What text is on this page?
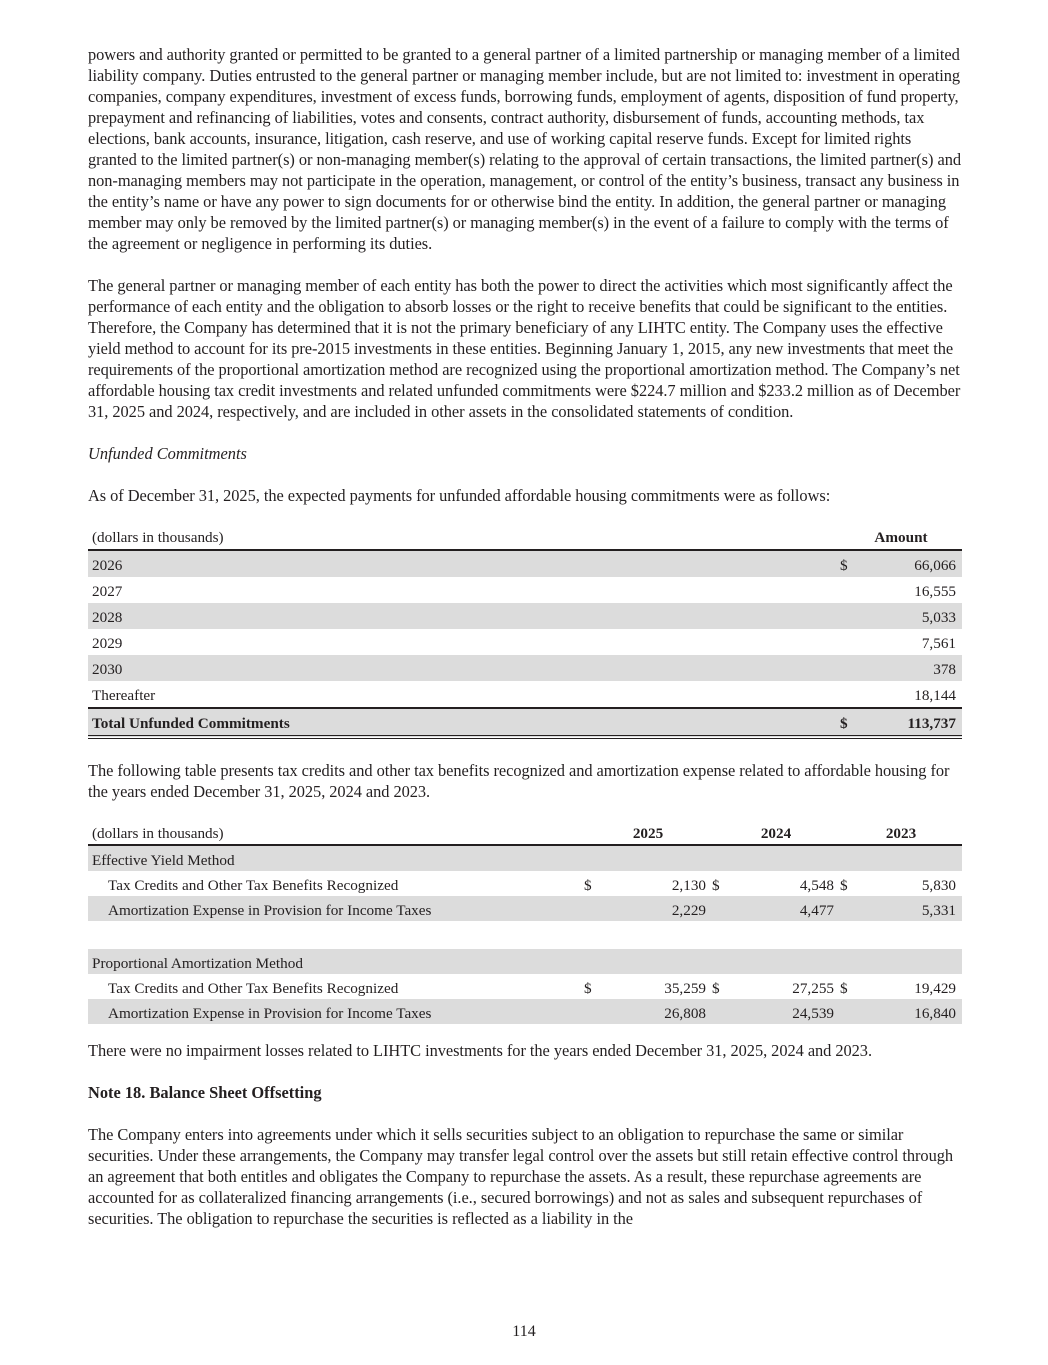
powers and authority granted or permitted to be granted to a general partner of a limited partnership or managing member of a limited liability company. Duties entrusted to the general partner or managing member include, but are not limited to: investment in operating companies, company expenditures, investment of excess funds, borrowing funds, employment of agents, disposition of fund property, prepayment and refinancing of liabilities, votes and consents, contract authority, disbursement of funds, accounting methods, tax elections, bank accounts, insurance, litigation, cash reserve, and use of working capital reserve funds. Except for limited rights granted to the limited partner(s) or non-managing member(s) relating to the approval of certain transactions, the limited partner(s) and non-managing members may not participate in the operation, management, or control of the entity’s business, transact any business in the entity’s name or have any power to sign documents for or otherwise bind the entity. In addition, the general partner or managing member may only be removed by the limited partner(s) or managing member(s) in the event of a failure to comply with the terms of the agreement or negligence in performing its duties.

The general partner or managing member of each entity has both the power to direct the activities which most significantly affect the performance of each entity and the obligation to absorb losses or the right to receive benefits that could be significant to the entities. Therefore, the Company has determined that it is not the primary beneficiary of any LIHTC entity. The Company uses the effective yield method to account for its pre-2015 investments in these entities. Beginning January 1, 2015, any new investments that meet the requirements of the proportional amortization method are recognized using the proportional amortization method. The Company’s net affordable housing tax credit investments and related unfunded commitments were $224.7 million and $233.2 million as of December 31, 2025 and 2024, respectively, and are included in other assets in the consolidated statements of condition.

Unfunded Commitments

As of December 31, 2025, the expected payments for unfunded affordable housing commitments were as follows:

(dollars in thousands)	Amount	
2026	$	66,066
2027		16,555
2028		5,033
2029		7,561
2030		378
Thereafter		18,144
Total Unfunded Commitments	$	113,737

The following table presents tax credits and other tax benefits recognized and amortization expense related to affordable housing for the years ended December 31, 2025, 2024 and 2023.

(dollars in thousands)	2025		2024		2023	
Effective Yield Method						
Tax Credits and Other Tax Benefits Recognized	$	2,130	$	4,548	$	5,830
Amortization Expense in Provision for Income Taxes		2,229		4,477		5,331

Proportional Amortization Method						
Tax Credits and Other Tax Benefits Recognized	$	35,259	$	27,255	$	19,429
Amortization Expense in Provision for Income Taxes		26,808		24,539		16,840

There were no impairment losses related to LIHTC investments for the years ended December 31, 2025, 2024 and 2023.

Note 18. Balance Sheet Offsetting

The Company enters into agreements under which it sells securities subject to an obligation to repurchase the same or similar securities. Under these arrangements, the Company may transfer legal control over the assets but still retain effective control through an agreement that both entitles and obligates the Company to repurchase the assets. As a result, these repurchase agreements are accounted for as collateralized financing arrangements (i.e., secured borrowings) and not as sales and subsequent repurchases of securities. The obligation to repurchase the securities is reflected as a liability in the

114
